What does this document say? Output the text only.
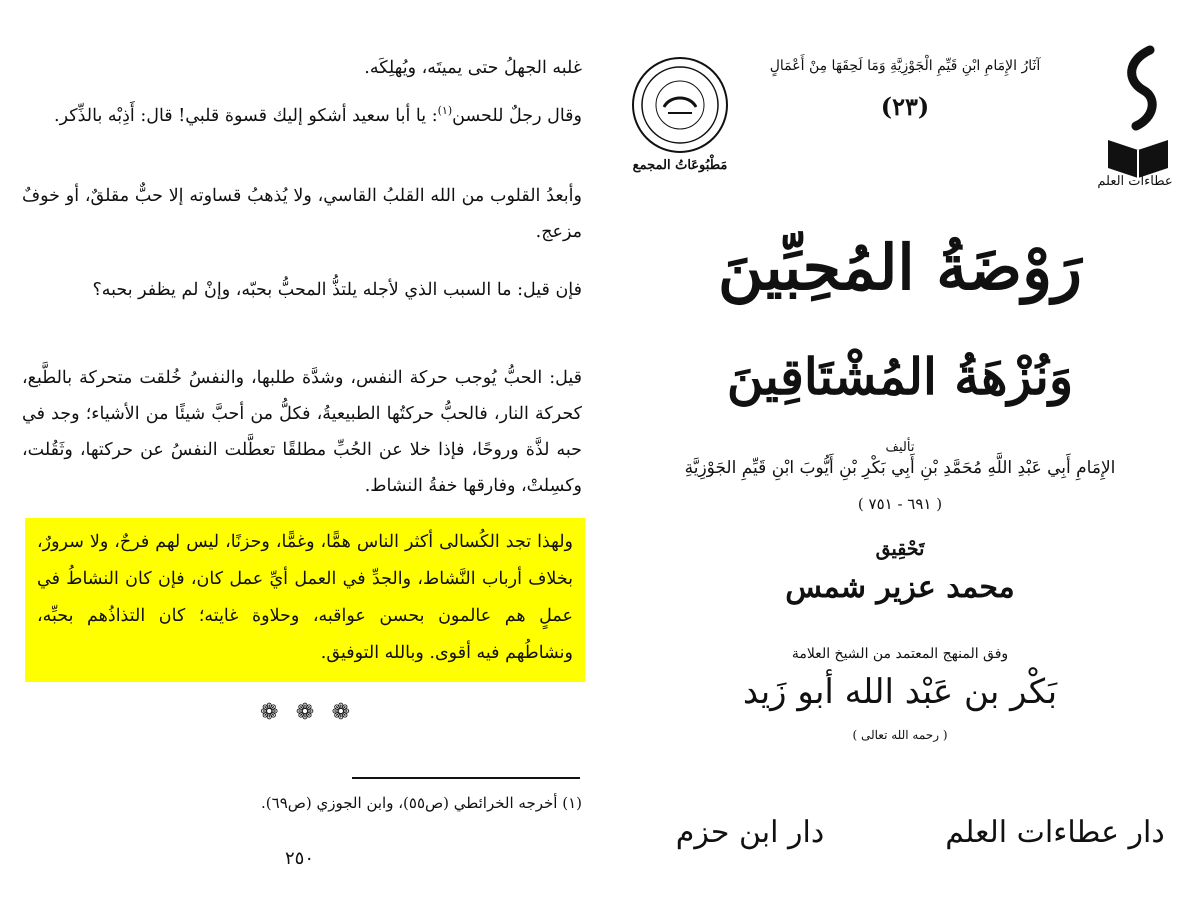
غلبه الجهلُ حتى يميتَه، ويُهلِكَه.

وقال رجلٌ للحسن$^{(١)}$: يا أبا سعيد أشكو إليك قسوة قلبي! قال: أَذِبْه بالذِّكر.

وأبعدُ القلوب من الله القلبُ القاسي، ولا يُذهبُ قساوته إلا حبٌّ مقلقٌ، أو خوفٌ مزعج.

فإن قيل: ما السبب الذي لأجله يلتذُّ المحبُّ بحبّه، وإنْ لم يظفر بحبه؟

قيل: الحبُّ يُوجب حركة النفس، وشدَّة طلبها، والنفسُ خُلقت متحركة بالطَّبع، كحركة النار، فالحبُّ حركتُها الطبيعيةُ، فكلُّ من أحبَّ شيئًا من الأشياء؛ وجد في حبه لذَّة وروحًا، فإذا خلا عن الحُبِّ مطلقًا تعطَّلت النفسُ عن حركتها، وثَقُلت، وكسِلتْ، وفارقها خفةُ النشاط.

ولهذا تجد الكُسالى أكثر الناس همًّا، وغمًّا، وحزنًا، ليس لهم فرحٌ، ولا سرورٌ، بخلاف أرباب النَّشاط، والجدِّ في العمل أيِّ عمل كان، فإن كان النشاطُ في عملٍ هم عالمون بحسن عواقبه، وحلاوة غايته؛ كان التذاذُهم بحبِّه، ونشاطُهم فيه أقوى. وبالله التوفيق.

❁ ❁ ❁

(١) أخرجه الخرائطي (ص٥٥)، وابن الجوزي (ص٦٩).

٢٥٠

آثَارُ الإِمَامِ ابْنِ قَيِّمِ الْجَوْزِيَّةِ وَمَا لَحِقَهَا مِنْ أَعْمَالٍ

(٢٣)

عطاءات العلم

مَطْبُوعَاتُ المجمع

رَوْضَةُ المُحِبِّينَ

وَنُزْهَةُ المُشْتَاقِينَ

تأليف

الإِمَامِ أَبِي عَبْدِ اللَّهِ مُحَمَّدِ بْنِ أَبِي بَكْرِ بْنِ أَيُّوبَ ابْنِ قَيِّمِ الجَوْزِيَّةِ

( ٦٩١ - ٧٥١ )

تَحْقِيق

محمد عزير شمس

وفق المنهج المعتمد من الشيخ العلامة

بَكْر بن عَبْد الله أبو زَيد

( رحمه الله تعالى )

دار ابن حزم	دار عطاءات العلم
